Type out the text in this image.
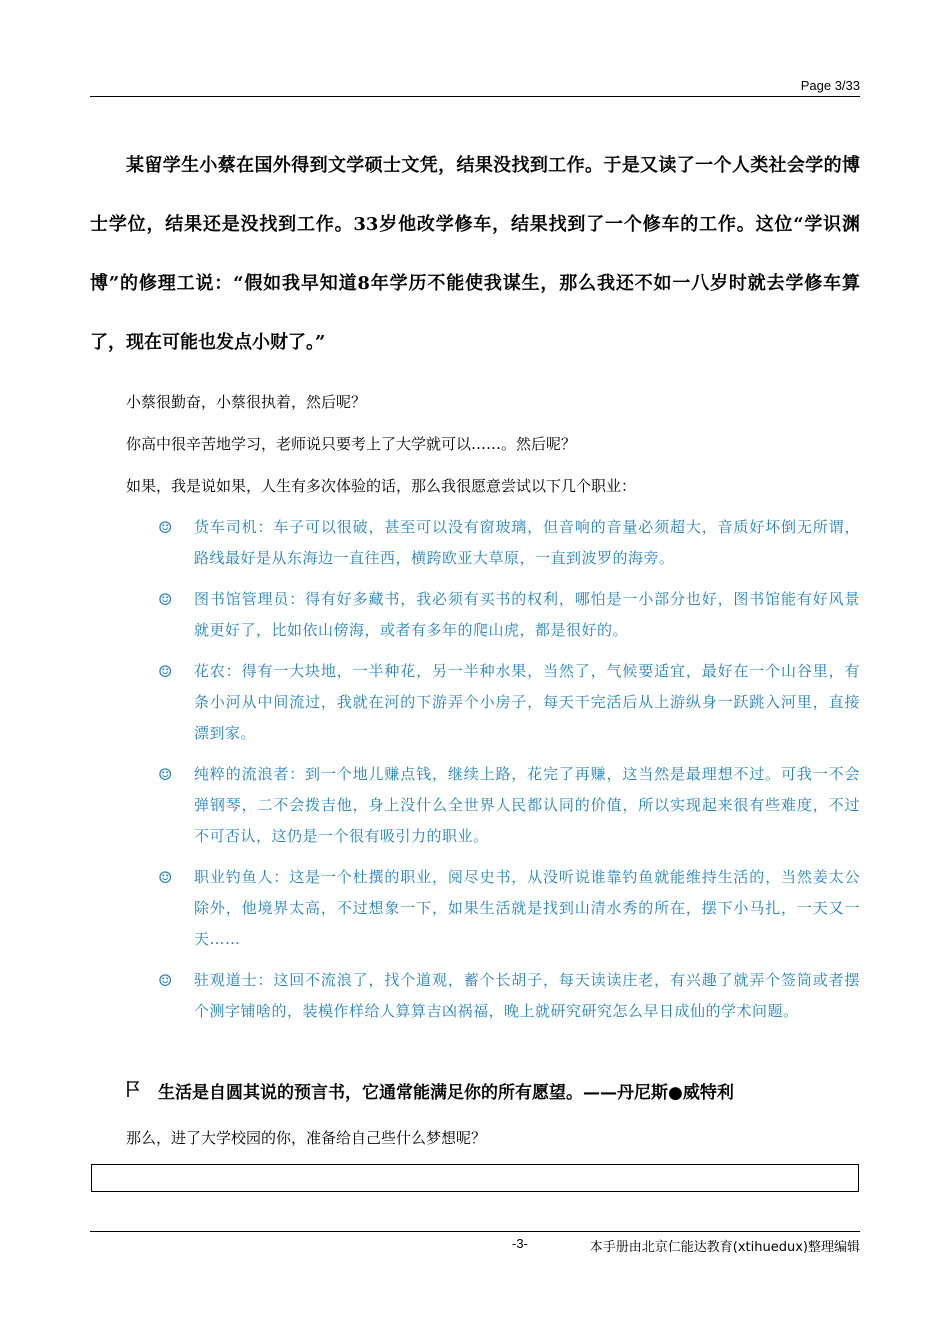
Page 3/33

某留学生小蔡在国外得到文学硕士文凭，结果没找到工作。于是又读了一个人类社会学的博士学位，结果还是没找到工作。33岁他改学修车，结果找到了一个修车的工作。这位“学识渊博”的修理工说：“假如我早知道8年学历不能使我谋生，那么我还不如一八岁时就去学修车算了，现在可能也发点小财了。”

小蔡很勤奋，小蔡很执着，然后呢？

你高中很辛苦地学习，老师说只要考上了大学就可以……。然后呢？

如果，我是说如果，人生有多次体验的话，那么我很愿意尝试以下几个职业：

☺ 货车司机：车子可以很破，甚至可以没有窗玻璃，但音响的音量必须超大，音质好坏倒无所谓，路线最好是从东海边一直往西，横跨欧亚大草原，一直到波罗的海旁。
☺ 图书馆管理员：得有好多藏书，我必须有买书的权利，哪怕是一小部分也好，图书馆能有好风景就更好了，比如依山傍海，或者有多年的爬山虎，都是很好的。
☺ 花农：得有一大块地，一半种花，另一半种水果，当然了，气候要适宜，最好在一个山谷里，有条小河从中间流过，我就在河的下游弄个小房子，每天干完活后从上游纵身一跃跳入河里，直接漂到家。
☺ 纯粹的流浪者：到一个地儿赚点钱，继续上路，花完了再赚，这当然是最理想不过。可我一不会弹钢琴，二不会拨吉他，身上没什么全世界人民都认同的价值，所以实现起来很有些难度，不过不可否认，这仍是一个很有吸引力的职业。
☺ 职业钓鱼人：这是一个杜撰的职业，阅尽史书，从没听说谁靠钓鱼就能维持生活的，当然姜太公除外，他境界太高，不过想象一下，如果生活就是找到山清水秀的所在，摆下小马扎，一天又一天……
☺ 驻观道士：这回不流浪了，找个道观，蓄个长胡子，每天读读庄老，有兴趣了就弄个签筒或者摆个测字铺啥的，装模作样给人算算吉凶祸福，晚上就研究研究怎么早日成仙的学术问题。

生活是自圆其说的预言书，它通常能满足你的所有愿望。——丹尼斯●威特利

那么，进了大学校园的你，准备给自己些什么梦想呢？

-3-	本手册由北京仁能达教育(xtihuedux)整理编辑
